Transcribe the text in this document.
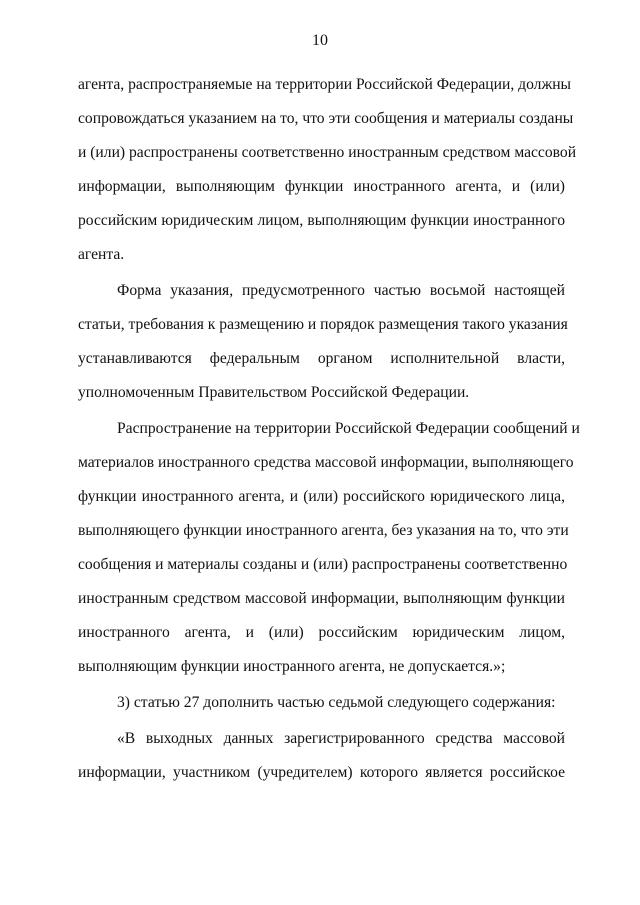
10
агента, распространяемые на территории Российской Федерации, должны
сопровождаться указанием на то, что эти сообщения и материалы созданы
и (или) распространены соответственно иностранным средством массовой
информации, выполняющим функции иностранного агента, и (или)
российским юридическим лицом, выполняющим функции иностранного
агента.
Форма указания, предусмотренного частью восьмой настоящей
статьи, требования к размещению и порядок размещения такого указания
устанавливаются федеральным органом исполнительной власти,
уполномоченным Правительством Российской Федерации.
Распространение на территории Российской Федерации сообщений и
материалов иностранного средства массовой информации, выполняющего
функции иностранного агента, и (или) российского юридического лица,
выполняющего функции иностранного агента, без указания на то, что эти
сообщения и материалы созданы и (или) распространены соответственно
иностранным средством массовой информации, выполняющим функции
иностранного агента, и (или) российским юридическим лицом,
выполняющим функции иностранного агента, не допускается.»;
3) статью 27 дополнить частью седьмой следующего содержания:
«В выходных данных зарегистрированного средства массовой
информации, участником (учредителем) которого является российское
